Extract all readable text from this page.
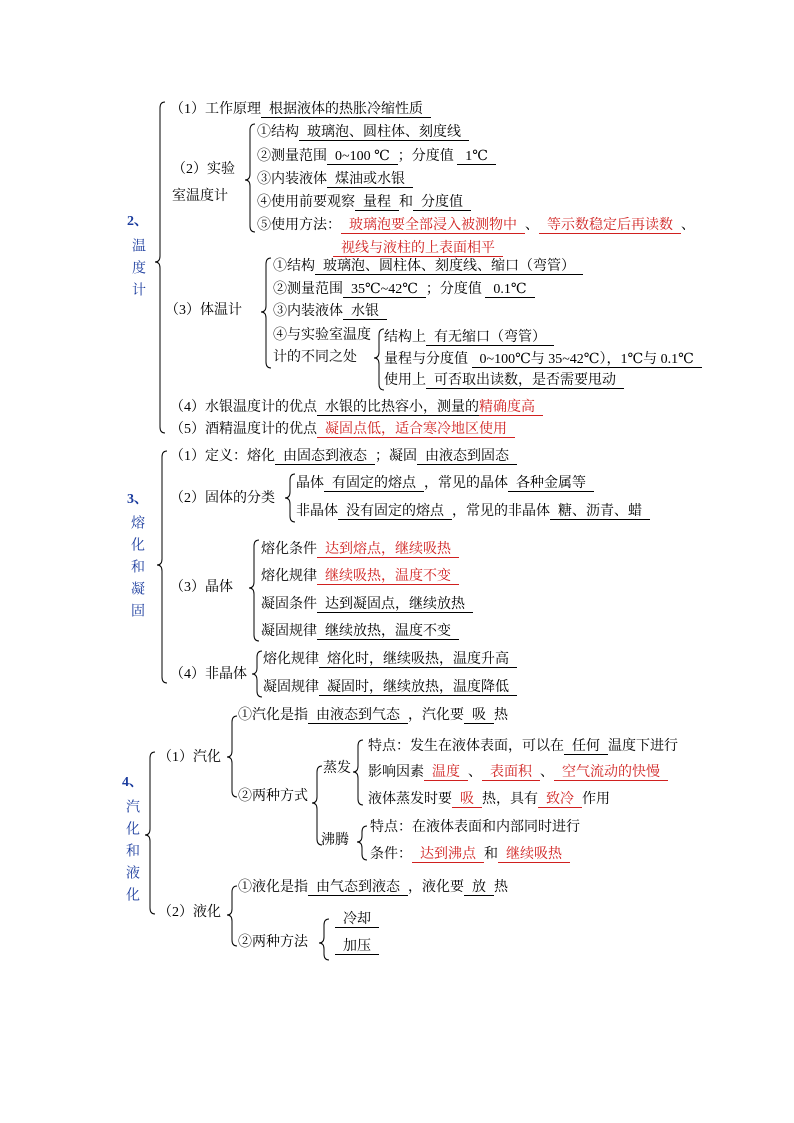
2、
温度计
（1）工作原理 根据液体的热胀冷缩性质
（2）实验
室温度计
①结构 玻璃泡、圆柱体、刻度线
②测量范围 0~100 ℃ ；分度值 1℃
③内装液体 煤油或水银
④使用前要观察 量程 和 分度值
⑤使用方法： 玻璃泡要全部浸入被测物中 、 等示数稳定后再读数 、
视线与液柱的上表面相平
（3）体温计
①结构 玻璃泡、圆柱体、刻度线、缩口（弯管）
②测量范围 35℃~42℃ ；分度值 0.1℃
③内装液体 水银
④与实验室温度
计的不同之处
结构上 有无缩口（弯管）
量程与分度值 0~100℃与 35~42℃），1℃与 0.1℃
使用上 可否取出读数，是否需要甩动
（4）水银温度计的优点 水银的比热容小，测量的精确度高
（5）酒精温度计的优点 凝固点低，适合寒冷地区使用
3、
熔化和凝固
（1）定义：熔化 由固态到液态 ；凝固 由液态到固态
（2）固体的分类
晶体 有固定的熔点 ，常见的晶体 各种金属等
非晶体 没有固定的熔点 ，常见的非晶体 糖、沥青、蜡
（3）晶体
熔化条件 达到熔点，继续吸热
熔化规律 继续吸热，温度不变
凝固条件 达到凝固点，继续放热
凝固规律 继续放热，温度不变
（4）非晶体
熔化规律 熔化时，继续吸热，温度升高
凝固规律 凝固时，继续放热，温度降低
4、
汽化和液化
（1）汽化
①汽化是指 由液态到气态 ，汽化要 吸 热
②两种方式
蒸发
特点：发生在液体表面，可以在 任何 温度下进行
影响因素 温度 、 表面积 、 空气流动的快慢
液体蒸发时要 吸 热，具有 致冷 作用
沸腾
特点：在液体表面和内部同时进行
条件： 达到沸点 和 继续吸热
（2）液化
①液化是指 由气态到液态 ，液化要 放 热
②两种方法
冷却
加压
